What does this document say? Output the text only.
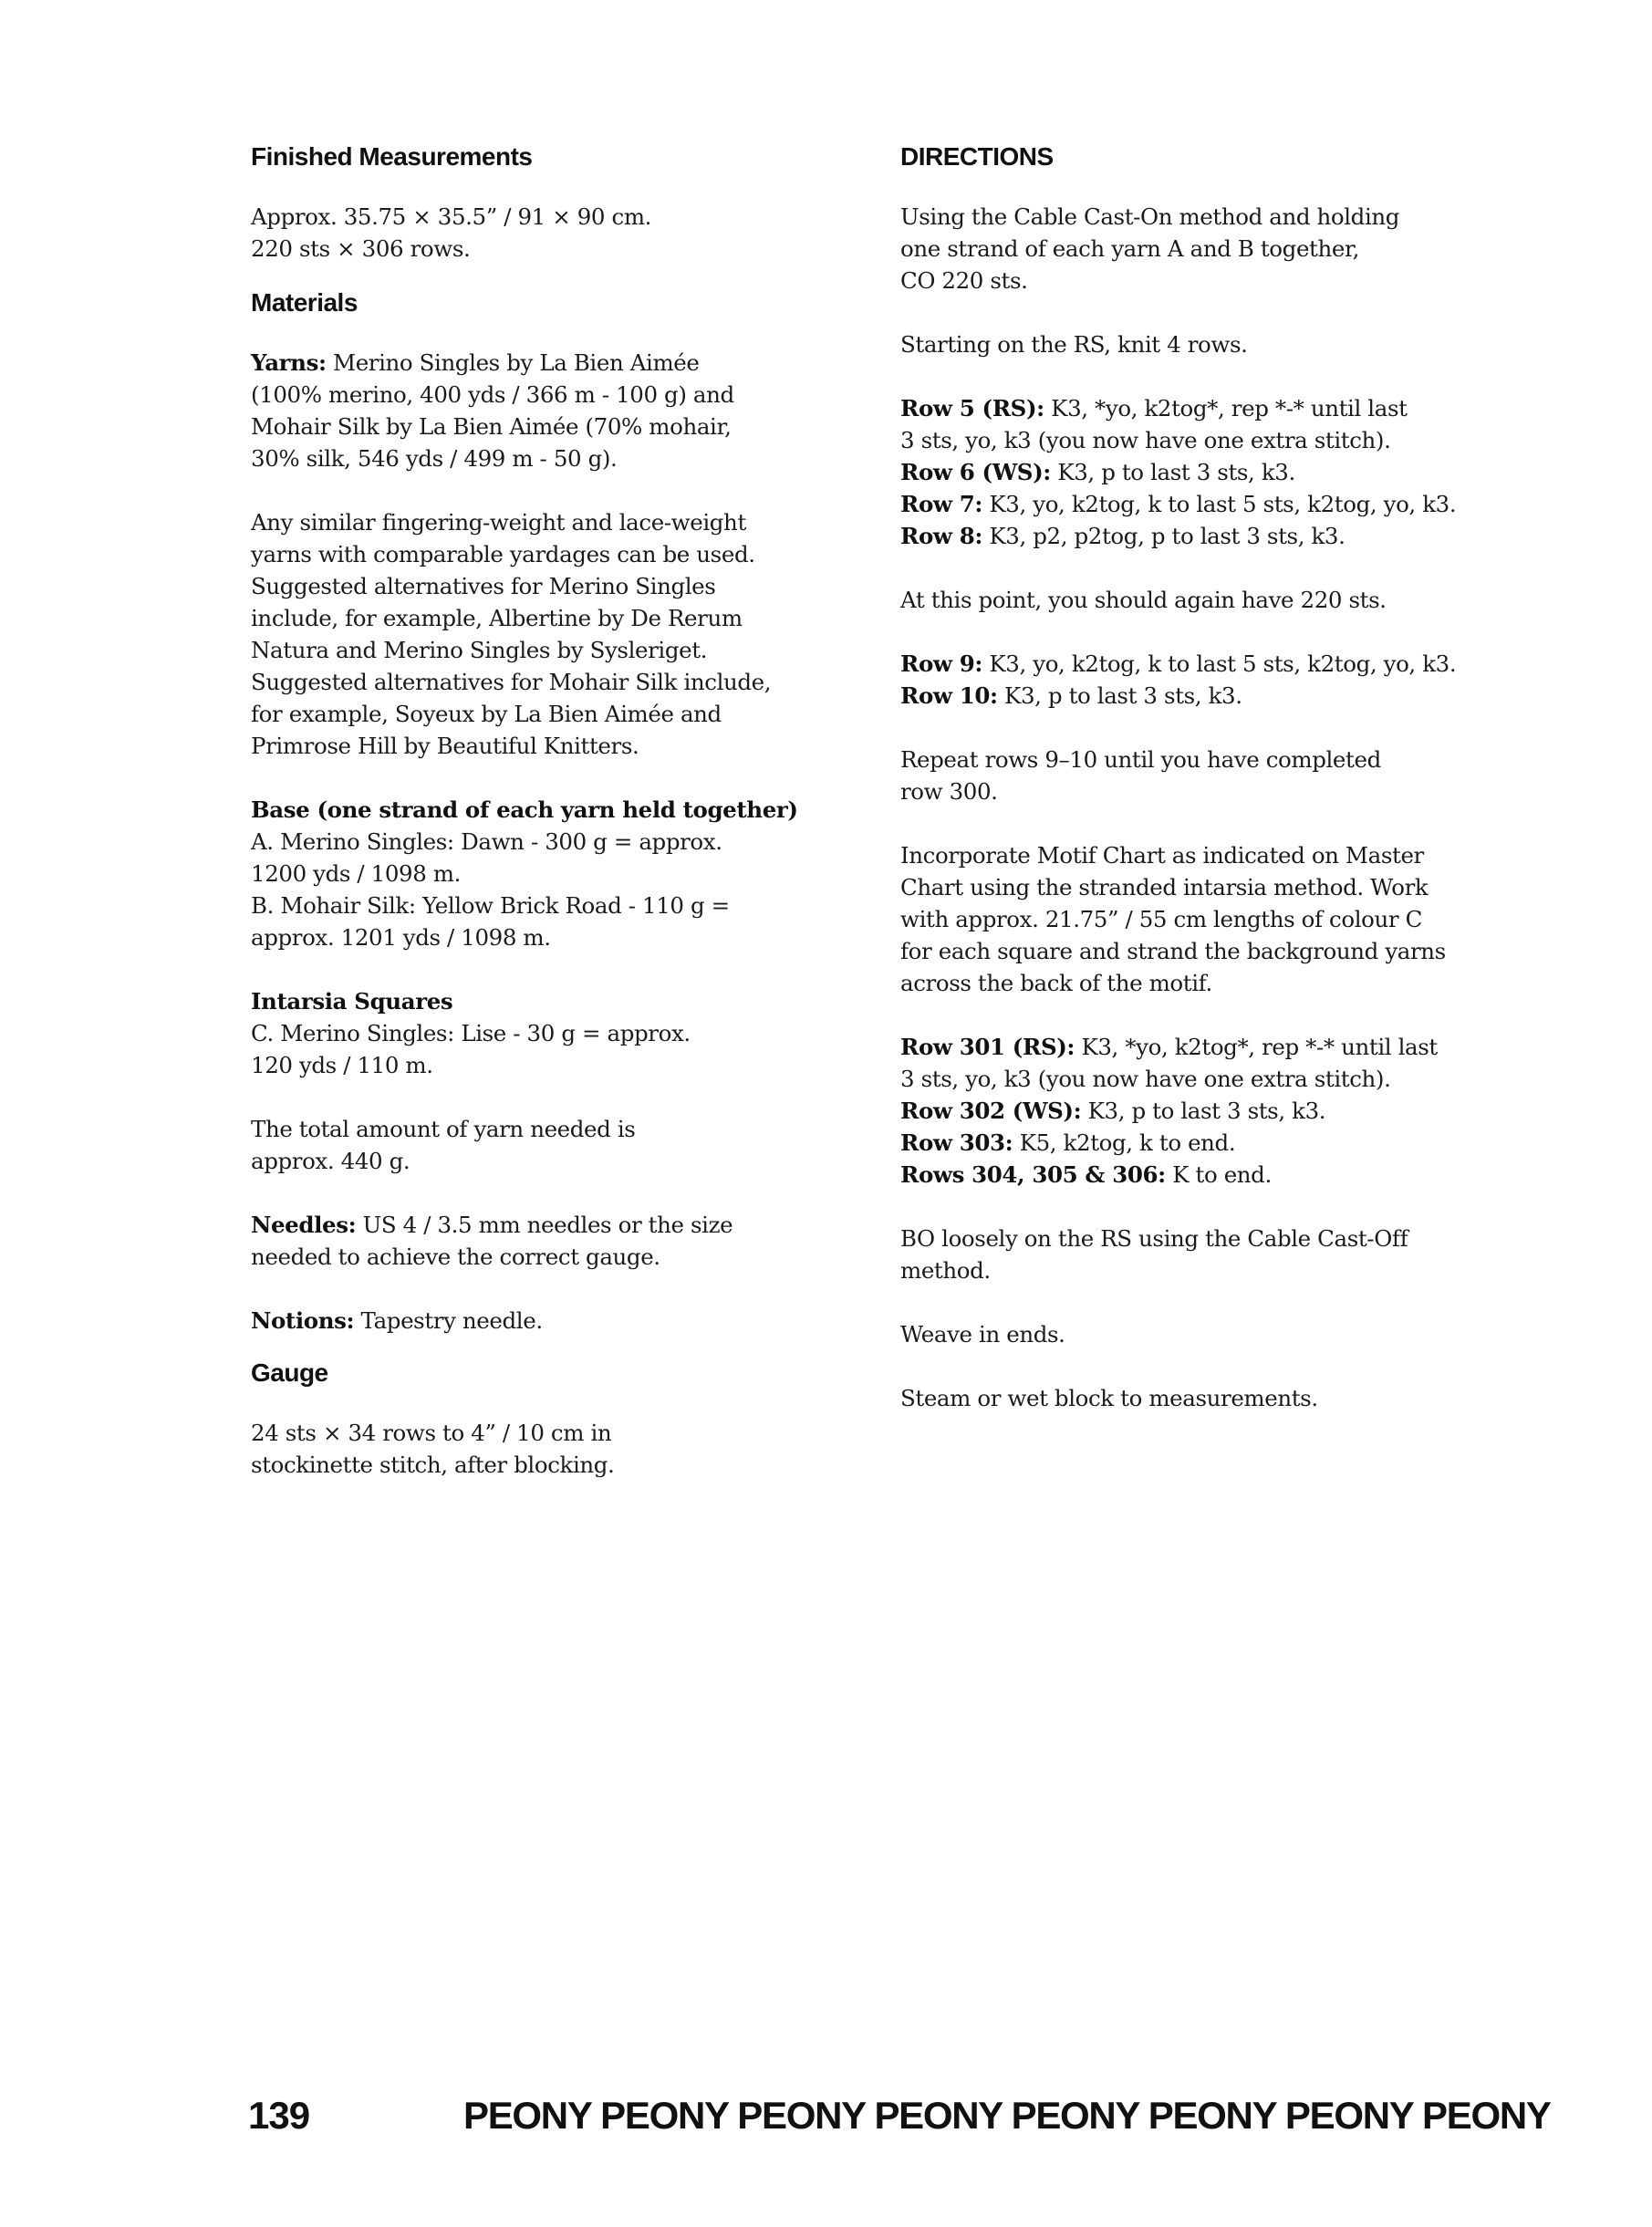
Finished Measurements

Approx. 35.75 × 35.5” / 91 × 90 cm.
220 sts × 306 rows.

Materials

Yarns: Merino Singles by La Bien Aimée
(100% merino, 400 yds / 366 m - 100 g) and
Mohair Silk by La Bien Aimée (70% mohair,
30% silk, 546 yds / 499 m - 50 g).

Any similar fingering-weight and lace-weight
yarns with comparable yardages can be used.
Suggested alternatives for Merino Singles
include, for example, Albertine by De Rerum
Natura and Merino Singles by Sysleriget.
Suggested alternatives for Mohair Silk include,
for example, Soyeux by La Bien Aimée and
Primrose Hill by Beautiful Knitters.

Base (one strand of each yarn held together)
A. Merino Singles: Dawn - 300 g = approx.
1200 yds / 1098 m.
B. Mohair Silk: Yellow Brick Road - 110 g =
approx. 1201 yds / 1098 m.

Intarsia Squares
C. Merino Singles: Lise - 30 g = approx.
120 yds / 110 m.

The total amount of yarn needed is
approx. 440 g.

Needles: US 4 / 3.5 mm needles or the size
needed to achieve the correct gauge.

Notions: Tapestry needle.

Gauge

24 sts × 34 rows to 4” / 10 cm in
stockinette stitch, after blocking.

DIRECTIONS

Using the Cable Cast-On method and holding
one strand of each yarn A and B together,
CO 220 sts.

Starting on the RS, knit 4 rows.

Row 5 (RS): K3, *yo, k2tog*, rep *-* until last
3 sts, yo, k3 (you now have one extra stitch).
Row 6 (WS): K3, p to last 3 sts, k3.
Row 7: K3, yo, k2tog, k to last 5 sts, k2tog, yo, k3.
Row 8: K3, p2, p2tog, p to last 3 sts, k3.

At this point, you should again have 220 sts.

Row 9: K3, yo, k2tog, k to last 5 sts, k2tog, yo, k3.
Row 10: K3, p to last 3 sts, k3.

Repeat rows 9–10 until you have completed
row 300.

Incorporate Motif Chart as indicated on Master
Chart using the stranded intarsia method. Work
with approx. 21.75” / 55 cm lengths of colour C
for each square and strand the background yarns
across the back of the motif.

Row 301 (RS): K3, *yo, k2tog*, rep *-* until last
3 sts, yo, k3 (you now have one extra stitch).
Row 302 (WS): K3, p to last 3 sts, k3.
Row 303: K5, k2tog, k to end.
Rows 304, 305 & 306: K to end.

BO loosely on the RS using the Cable Cast-Off
method.

Weave in ends.

Steam or wet block to measurements.

139	PEONY PEONY PEONY PEONY PEONY PEONY PEONY PEONY
